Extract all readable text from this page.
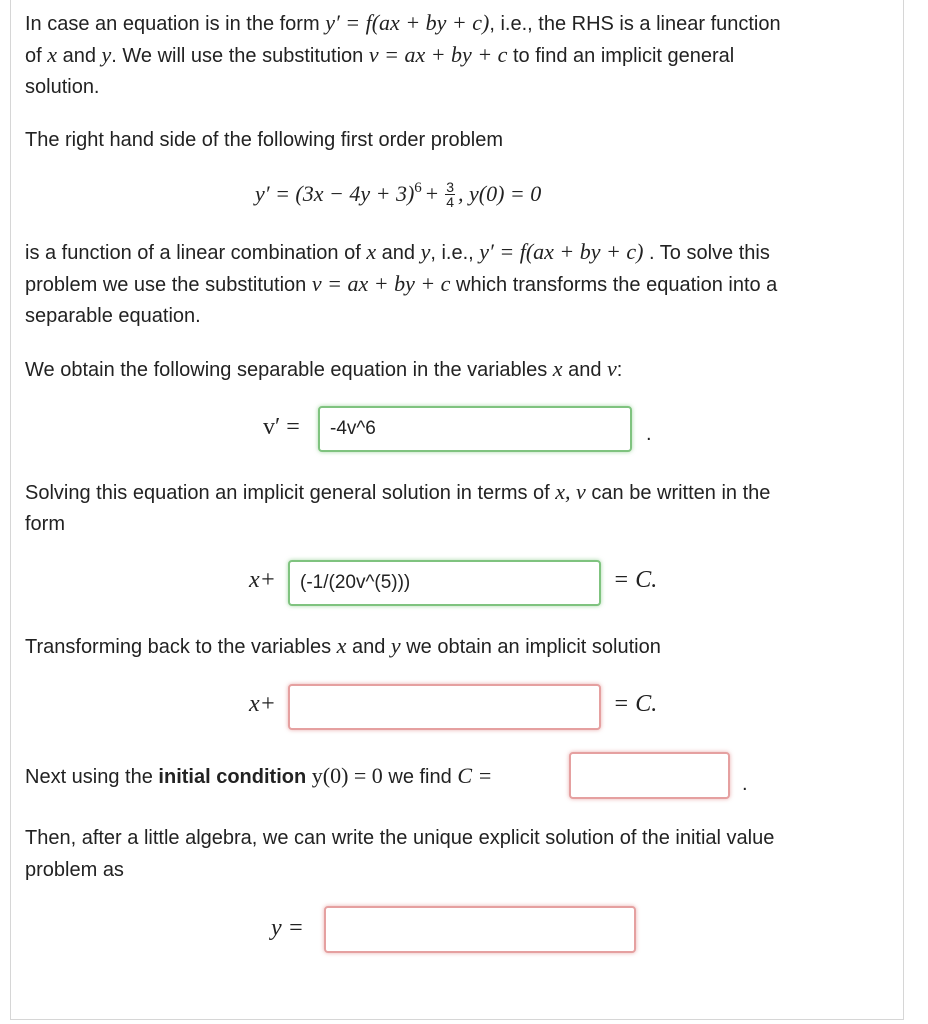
In case an equation is in the form y′ = f(ax + by + c), i.e., the RHS is a linear function

of x and y. We will use the substitution v = ax + by + c to find an implicit general

solution.

The right hand side of the following first order problem

$y' = (3x - 4y + 3)^6 + \frac{3}{4}$ , y(0) = 0

is a function of a linear combination of x and y, i.e., y′ = f(ax + by + c) . To solve this

problem we use the substitution v = ax + by + c which transforms the equation into a

separable equation.

We obtain the following separable equation in the variables x and v:

v′ =	-4v^6	.

Solving this equation an implicit general solution in terms of x, v can be written in the

form

x+	(-1/(20v^(5)))	= C.

Transforming back to the variables x and y we obtain an implicit solution

x+	= C.

Next using the initial condition y(0) = 0 we find C =	.

Then, after a little algebra, we can write the unique explicit solution of the initial value

problem as

y =
